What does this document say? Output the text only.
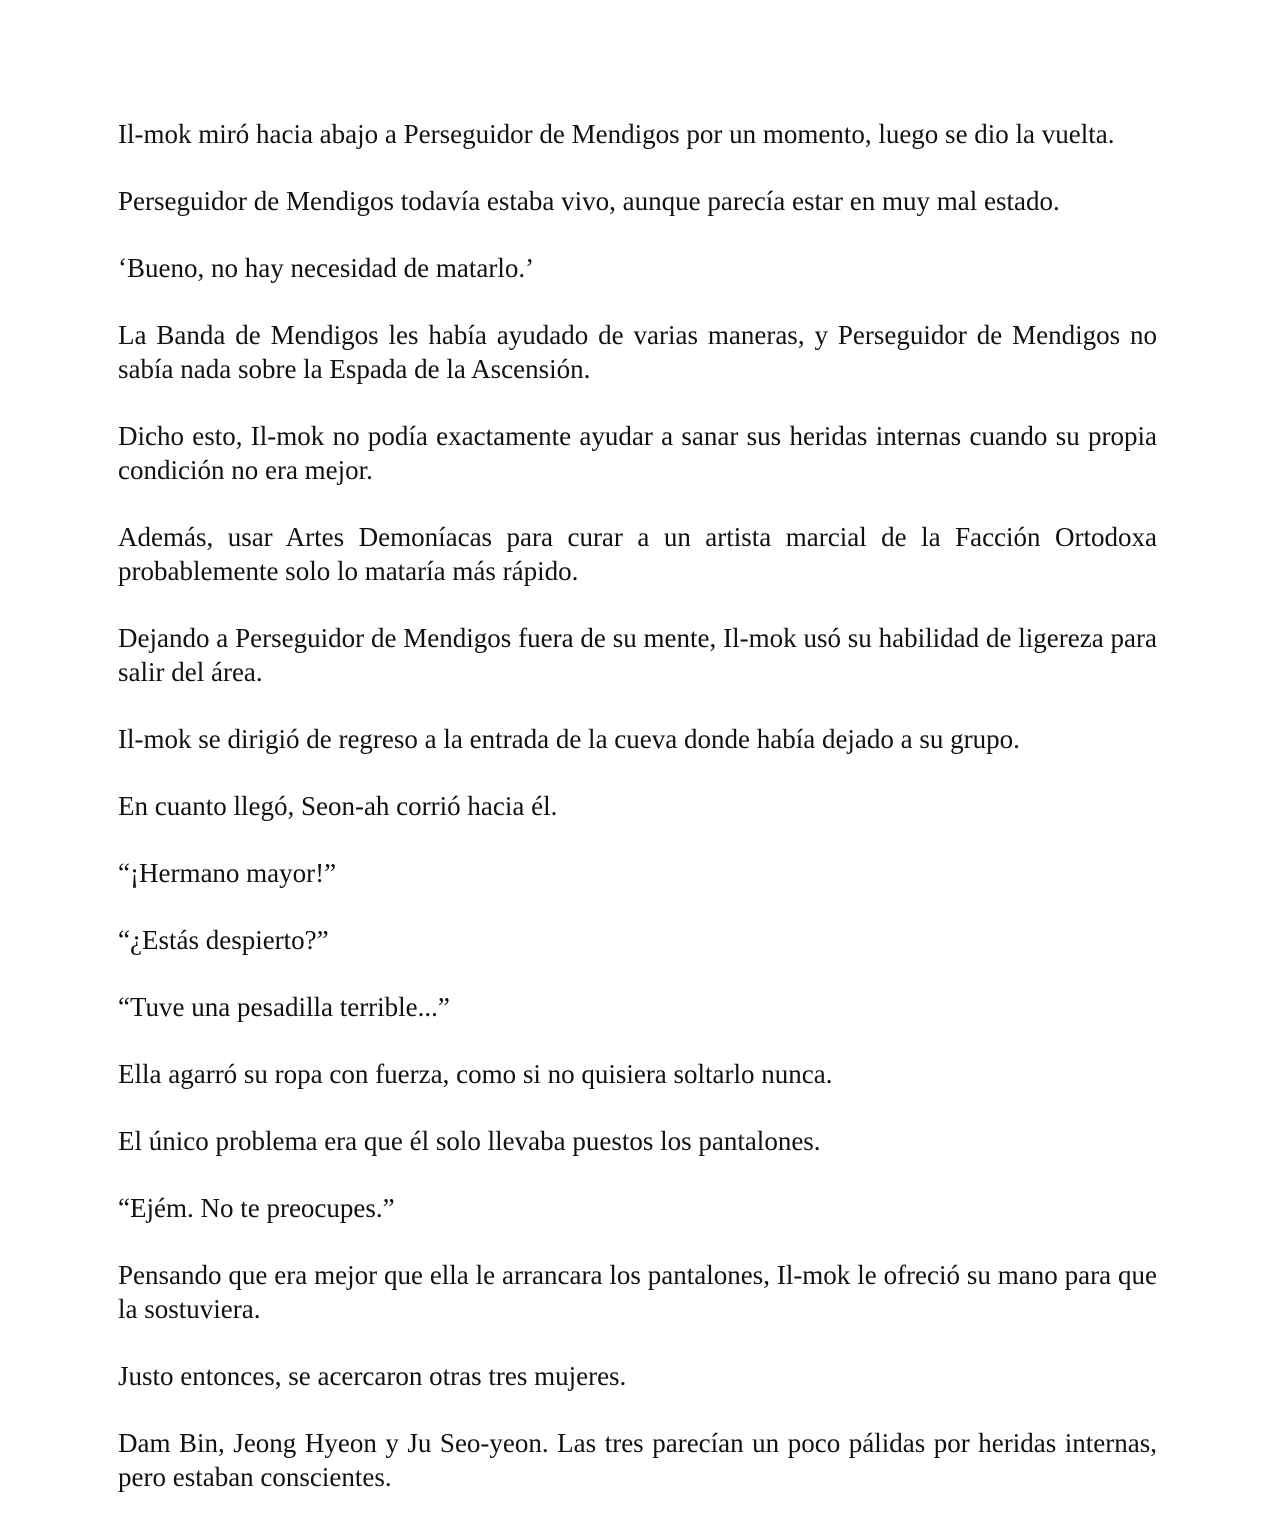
Il-mok miró hacia abajo a Perseguidor de Mendigos por un momento, luego se dio la vuelta.

Perseguidor de Mendigos todavía estaba vivo, aunque parecía estar en muy mal estado.

‘Bueno, no hay necesidad de matarlo.’

La Banda de Mendigos les había ayudado de varias maneras, y Perseguidor de Mendigos no sabía nada sobre la Espada de la Ascensión.

Dicho esto, Il-mok no podía exactamente ayudar a sanar sus heridas internas cuando su propia condición no era mejor.

Además, usar Artes Demoníacas para curar a un artista marcial de la Facción Ortodoxa probablemente solo lo mataría más rápido.

Dejando a Perseguidor de Mendigos fuera de su mente, Il-mok usó su habilidad de ligereza para salir del área.

Il-mok se dirigió de regreso a la entrada de la cueva donde había dejado a su grupo.

En cuanto llegó, Seon-ah corrió hacia él.

“¡Hermano mayor!”

“¿Estás despierto?”

“Tuve una pesadilla terrible...”

Ella agarró su ropa con fuerza, como si no quisiera soltarlo nunca.

El único problema era que él solo llevaba puestos los pantalones.

“Ejém. No te preocupes.”

Pensando que era mejor que ella le arrancara los pantalones, Il-mok le ofreció su mano para que la sostuviera.

Justo entonces, se acercaron otras tres mujeres.

Dam Bin, Jeong Hyeon y Ju Seo-yeon. Las tres parecían un poco pálidas por heridas internas, pero estaban conscientes.
